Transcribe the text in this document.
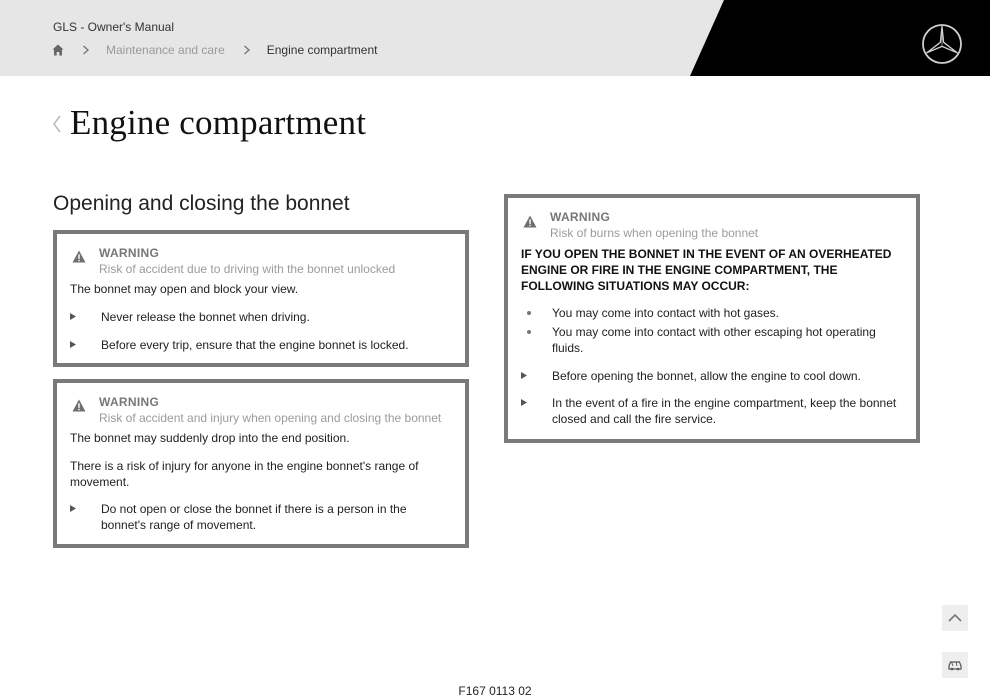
GLS - Owner's Manual
Maintenance and care	Engine compartment
Engine compartment
Opening and closing the bonnet
WARNING
Risk of accident due to driving with the bonnet unlocked
The bonnet may open and block your view.
Never release the bonnet when driving.
Before every trip, ensure that the engine bonnet is locked.
WARNING
Risk of accident and injury when opening and closing the bonnet
The bonnet may suddenly drop into the end position.
There is a risk of injury for anyone in the engine bonnet's range of movement.
Do not open or close the bonnet if there is a person in the bonnet's range of movement.
WARNING
Risk of burns when opening the bonnet
IF YOU OPEN THE BONNET IN THE EVENT OF AN OVERHEATED ENGINE OR FIRE IN THE ENGINE COMPARTMENT, THE FOLLOWING SITUATIONS MAY OCCUR:
You may come into contact with hot gases.
You may come into contact with other escaping hot operating fluids.
Before opening the bonnet, allow the engine to cool down.
In the event of a fire in the engine compartment, keep the bonnet closed and call the fire service.
F167 0113 02
